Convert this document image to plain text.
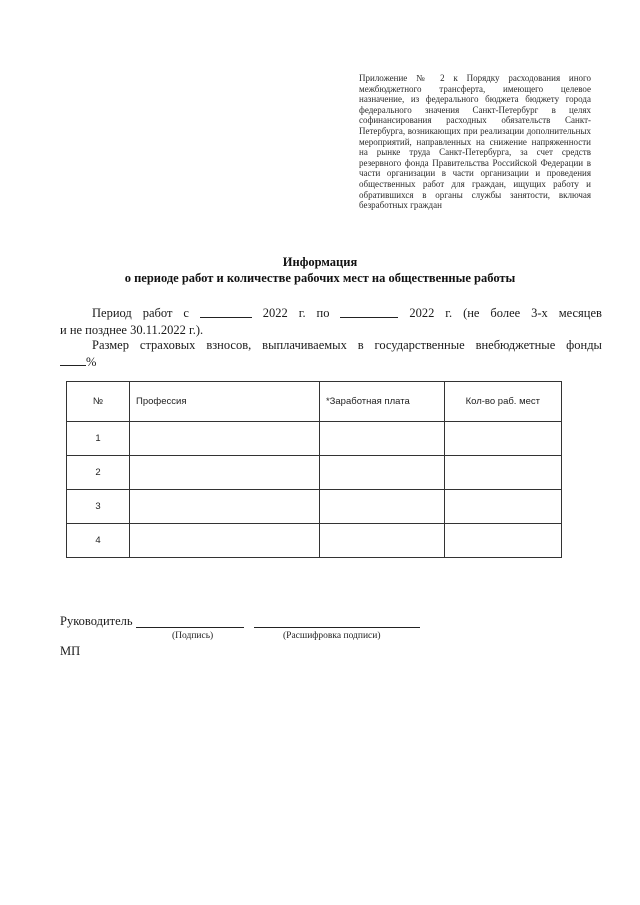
Приложение № 2 к Порядку расходования иного межбюджетного трансферта, имеющего целевое назначение, из федерального бюджета бюджету города федерального значения Санкт-Петербург в целях софинансирования расходных обязательств Санкт-Петербурга, возникающих при реализации дополнительных мероприятий, направленных на снижение напряженности на рынке труда Санкт-Петербурга, за счет средств резервного фонда Правительства Российской Федерации в части организации в части организации и проведения общественных работ для граждан, ищущих работу и обратившихся в органы службы занятости, включая безработных граждан
Информация
о периоде работ и количестве рабочих мест на общественные работы
Период работ с	2022 г. по	2022 г. (не более 3-х месяцев
и не позднее 30.11.2022 г.).
Размер страховых взносов, выплачиваемых в государственные внебюджетные фонды
%
№	Профессия	*Заработная плата	Кол-во раб. мест
1			
2			
3			
4			
Руководитель
(Подпись)	(Расшифровка подписи)
МП
